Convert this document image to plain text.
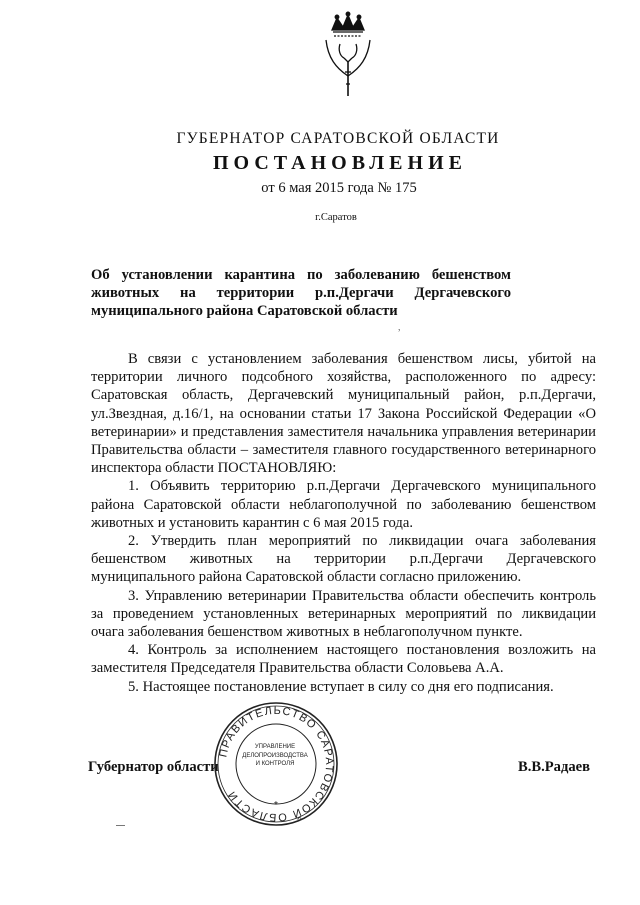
ГУБЕРНАТОР САРАТОВСКОЙ ОБЛАСТИ
ПОСТАНОВЛЕНИЕ
от 6 мая 2015 года № 175
г.Саратов
Об установлении карантина по заболеванию бешенством
животных на территории р.п.Дергачи Дергачевского
муниципального района Саратовской области
,

В связи с установлением заболевания бешенством лисы, убитой на территории личного подсобного хозяйства, расположенного по адресу: Саратовская область, Дергачевский муниципальный район, р.п.Дергачи, ул.Звездная, д.16/1, на основании статьи 17 Закона Российской Федерации «О ветеринарии» и представления заместителя начальника управления ветеринарии Правительства области – заместителя главного государственного ветеринарного инспектора области ПОСТАНОВЛЯЮ:

1. Объявить территорию р.п.Дергачи Дергачевского муниципального района Саратовской области неблагополучной по заболеванию бешенством животных и установить карантин с 6 мая 2015 года.

2. Утвердить план мероприятий по ликвидации очага заболевания бешенством животных на территории р.п.Дергачи Дергачевского муниципального района Саратовской области согласно приложению.

3. Управлению ветеринарии Правительства области обеспечить контроль за проведением установленных ветеринарных мероприятий по ликвидации очага заболевания бешенством животных в неблагополучном пункте.

4. Контроль за исполнением настоящего постановления возложить на заместителя Председателя Правительства области Соловьева А.А.

5. Настоящее постановление вступает в силу со дня его подписания.

Губернатор области	В.В.Радаев
ПРАВИТЕЛЬСТВО САРАТОВСКОЙ ОБЛАСТИ
*
УПРАВЛЕНИЕ
ДЕЛОПРОИЗВОДСТВА
И КОНТРОЛЯ
